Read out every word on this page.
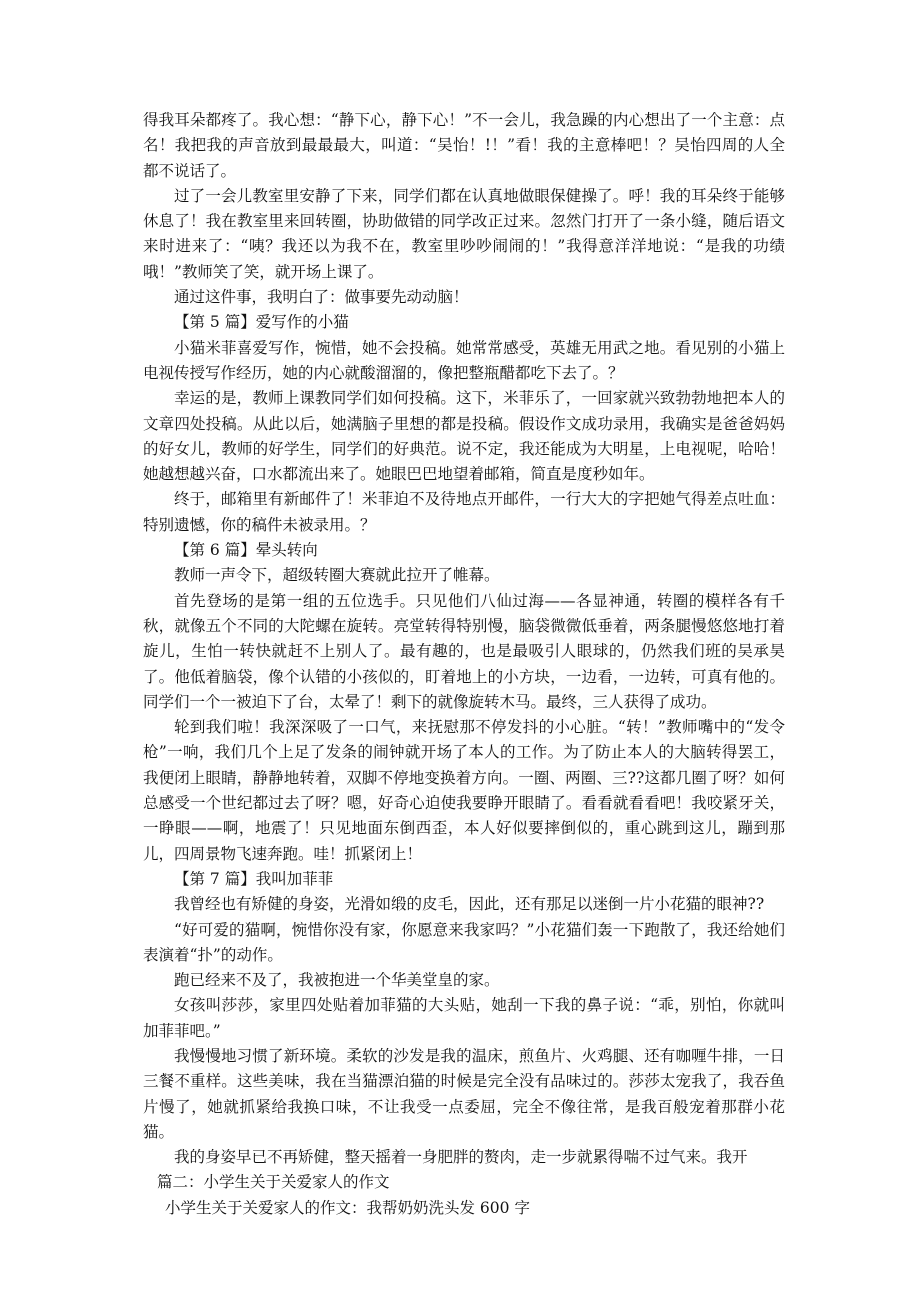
得我耳朵都疼了。我心想：“静下心，静下心！”不一会儿，我急躁的内心想出了一个主意：点名！我把我的声音放到最最最大，叫道：“吴怡！!！”看！我的主意棒吧！？吴怡四周的人全都不说话了。

过了一会儿教室里安静了下来，同学们都在认真地做眼保健操了。呼！我的耳朵终于能够休息了！我在教室里来回转圈，协助做错的同学改正过来。忽然门打开了一条小缝，随后语文来时进来了：“咦？我还以为我不在，教室里吵吵闹闹的！”我得意洋洋地说：“是我的功绩哦！”教师笑了笑，就开场上课了。

通过这件事，我明白了：做事要先动动脑！

【第 5 篇】爱写作的小猫

小猫米菲喜爱写作，惋惜，她不会投稿。她常常感受，英雄无用武之地。看见别的小猫上电视传授写作经历，她的内心就酸溜溜的，像把整瓶醋都吃下去了。？

幸运的是，教师上课教同学们如何投稿。这下，米菲乐了，一回家就兴致勃勃地把本人的文章四处投稿。从此以后，她满脑子里想的都是投稿。假设作文成功录用，我确实是爸爸妈妈的好女儿，教师的好学生，同学们的好典范。说不定，我还能成为大明星，上电视呢，哈哈！她越想越兴奋，口水都流出来了。她眼巴巴地望着邮箱，简直是度秒如年。

终于，邮箱里有新邮件了！米菲迫不及待地点开邮件，一行大大的字把她气得差点吐血：特别遗憾，你的稿件未被录用。？

【第 6 篇】晕头转向

教师一声令下，超级转圈大赛就此拉开了帷幕。

首先登场的是第一组的五位选手。只见他们八仙过海——各显神通，转圈的模样各有千秋，就像五个不同的大陀螺在旋转。亮堂转得特别慢，脑袋微微低垂着，两条腿慢悠悠地打着旋儿，生怕一转快就赶不上别人了。最有趣的，也是最吸引人眼球的，仍然我们班的吴承昊了。他低着脑袋，像个认错的小孩似的，盯着地上的小方块，一边看，一边转，可真有他的。同学们一个一被迫下了台，太晕了！剩下的就像旋转木马。最终，三人获得了成功。

轮到我们啦！我深深吸了一口气，来抚慰那不停发抖的小心脏。“转！”教师嘴中的“发令枪”一响，我们几个上足了发条的闹钟就开场了本人的工作。为了防止本人的大脑转得罢工，我便闭上眼睛，静静地转着，双脚不停地变换着方向。一圈、两圈、三??这都几圈了呀？如何总感受一个世纪都过去了呀？嗯，好奇心迫使我要睁开眼睛了。看看就看看吧！我咬紧牙关，一睁眼——啊，地震了！只见地面东倒西歪，本人好似要摔倒似的，重心跳到这儿，蹦到那儿，四周景物飞速奔跑。哇！抓紧闭上！

【第 7 篇】我叫加菲菲

我曾经也有矫健的身姿，光滑如缎的皮毛，因此，还有那足以迷倒一片小花猫的眼神??

“好可爱的猫啊，惋惜你没有家，你愿意来我家吗？”小花猫们轰一下跑散了，我还给她们表演着“扑”的动作。

跑已经来不及了，我被抱进一个华美堂皇的家。

女孩叫莎莎，家里四处贴着加菲猫的大头贴，她刮一下我的鼻子说：“乖，别怕，你就叫加菲菲吧。”

我慢慢地习惯了新环境。柔软的沙发是我的温床，煎鱼片、火鸡腿、还有咖喱牛排，一日三餐不重样。这些美味，我在当猫漂泊猫的时候是完全没有品味过的。莎莎太宠我了，我吞鱼片慢了，她就抓紧给我换口味，不让我受一点委屈，完全不像往常，是我百般宠着那群小花猫。

我的身姿早已不再矫健，整天摇着一身肥胖的赘肉，走一步就累得喘不过气来。我开

篇二：小学生关于关爱家人的作文

小学生关于关爱家人的作文：我帮奶奶洗头发 600 字
